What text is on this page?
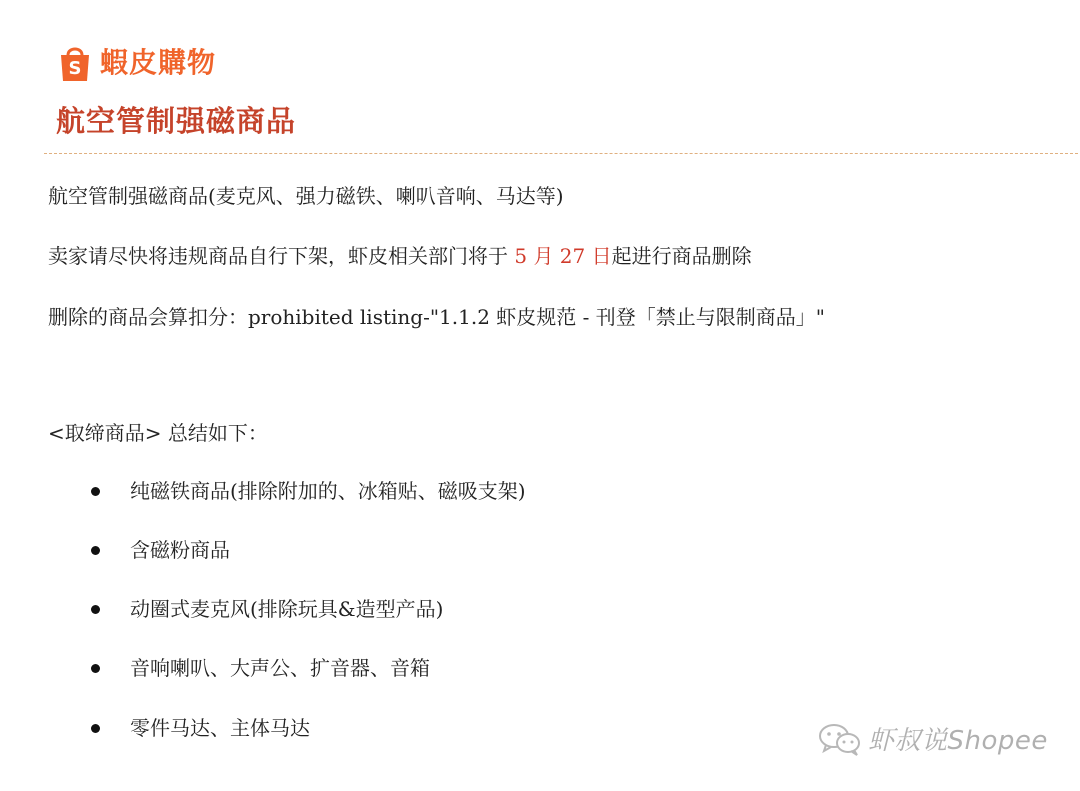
S 蝦皮購物
航空管制强磁商品

航空管制强磁商品(麦克风、强力磁铁、喇叭音响、马达等)

卖家请尽快将违规商品自行下架，虾皮相关部门将于 5 月 27 日起进行商品删除

删除的商品会算扣分：prohibited listing-"1.1.2 虾皮规范 - 刊登「禁止与限制商品」"

<取缔商品> 总结如下：

纯磁铁商品(排除附加的、冰箱贴、磁吸支架)
含磁粉商品
动圈式麦克风(排除玩具&造型产品)
音响喇叭、大声公、扩音器、音箱
零件马达、主体马达	虾叔说Shopee
